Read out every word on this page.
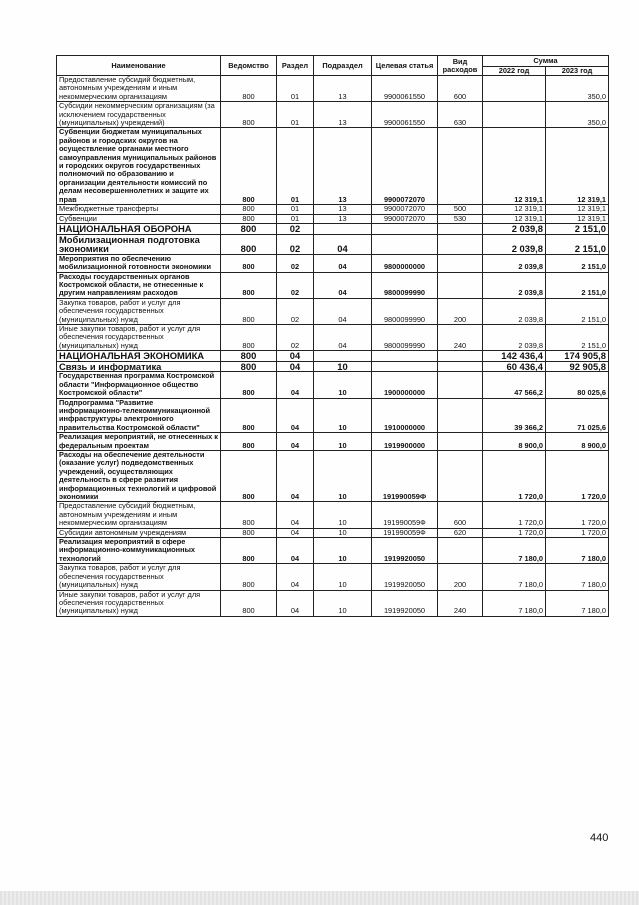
Наименование	Ведомство	Раздел	Подраздел	Целевая статья	Вид расходов	Сумма	
						2022 год	2023 год
Предоставление субсидий бюджетным, автономным учреждениям и иным некоммерческим организациям	800	01	13	9900061550	600		350,0
Субсидии некоммерческим организациям (за исключением государственных (муниципальных) учреждений)	800	01	13	9900061550	630		350,0
Субвенции бюджетам муниципальных районов и городских округов на осуществление органами местного самоуправления муниципальных районов и городских округов государственных полномочий по образованию и организации деятельности комиссий по делам несовершеннолетних и защите их прав	800	01	13	9900072070		12 319,1	12 319,1
Межбюджетные трансферты	800	01	13	9900072070	500	12 319,1	12 319,1
Субвенции	800	01	13	9900072070	530	12 319,1	12 319,1
НАЦИОНАЛЬНАЯ ОБОРОНА	800	02				2 039,8	2 151,0
Мобилизационная подготовка экономики	800	02	04			2 039,8	2 151,0
Мероприятия по обеспечению мобилизационной готовности экономики	800	02	04	9800000000		2 039,8	2 151,0
Расходы государственных органов Костромской области, не отнесенные к другим направлениям расходов	800	02	04	9800099990		2 039,8	2 151,0
Закупка товаров, работ и услуг для обеспечения государственных (муниципальных) нужд	800	02	04	9800099990	200	2 039,8	2 151,0
Иные закупки товаров, работ и услуг для обеспечения государственных (муниципальных) нужд	800	02	04	9800099990	240	2 039,8	2 151,0
НАЦИОНАЛЬНАЯ ЭКОНОМИКА	800	04				142 436,4	174 905,8
Связь и информатика	800	04	10			60 436,4	92 905,8
Государственная программа Костромской области "Информационное общество Костромской области"	800	04	10	1900000000		47 566,2	80 025,6
Подпрограмма "Развитие информационно-телекоммуникационной инфраструктуры электронного правительства Костромской области"	800	04	10	1910000000		39 366,2	71 025,6
Реализация мероприятий, не отнесенных к федеральным проектам	800	04	10	1919900000		8 900,0	8 900,0
Расходы на обеспечение деятельности (оказание услуг) подведомственных учреждений, осуществляющих деятельность в сфере развития информационных технологий и цифровой экономики	800	04	10	191990059Ф		1 720,0	1 720,0
Предоставление субсидий бюджетным, автономным учреждениям и иным некоммерческим организациям	800	04	10	191990059Ф	600	1 720,0	1 720,0
Субсидии автономным учреждениям	800	04	10	191990059Ф	620	1 720,0	1 720,0
Реализация мероприятий в сфере информационно-коммуникационных технологий	800	04	10	1919920050		7 180,0	7 180,0
Закупка товаров, работ и услуг для обеспечения государственных (муниципальных) нужд	800	04	10	1919920050	200	7 180,0	7 180,0
Иные закупки товаров, работ и услуг для обеспечения государственных (муниципальных) нужд	800	04	10	1919920050	240	7 180,0	7 180,0
440
